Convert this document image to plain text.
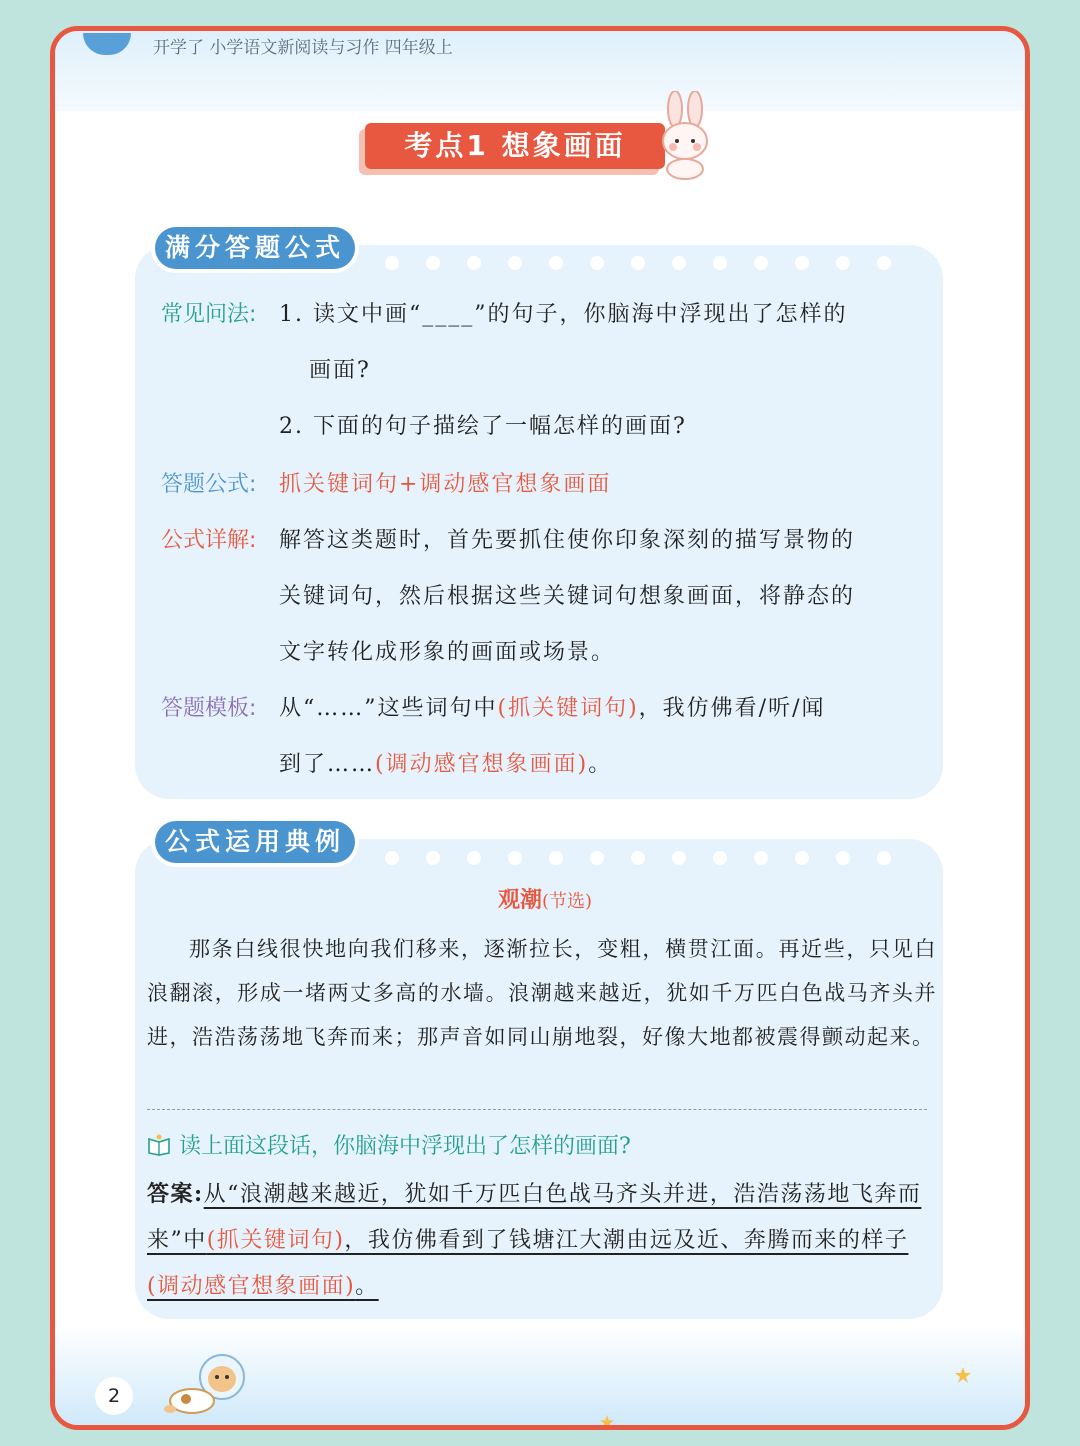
开学了 小学语文新阅读与习作 四年级上
考点1 想象画面
满分答题公式
常见问法: 1. 读文中画“____”的句子，你脑海中浮现出了怎样的
画面?
2. 下面的句子描绘了一幅怎样的画面?
答题公式: 抓关键词句+调动感官想象画面
公式详解: 解答这类题时，首先要抓住使你印象深刻的描写景物的
关键词句，然后根据这些关键词句想象画面，将静态的
文字转化成形象的画面或场景。
答题模板: 从“……”这些词句中(抓关键词句)，我仿佛看/听/闻
到了……(调动感官想象画面)。
公式运用典例
观潮(节选)
那条白线很快地向我们移来，逐渐拉长，变粗，横贯江面。再近些，只见白浪翻滚，形成一堵两丈多高的水墙。浪潮越来越近，犹如千万匹白色战马齐头并进，浩浩荡荡地飞奔而来；那声音如同山崩地裂，好像大地都被震得颤动起来。
读上面这段话，你脑海中浮现出了怎样的画面?
答案:从“浪潮越来越近，犹如千万匹白色战马齐头并进，浩浩荡荡地飞奔而来”中(抓关键词句)，我仿佛看到了钱塘江大潮由远及近、奔腾而来的样子(调动感官想象画面)。
2
